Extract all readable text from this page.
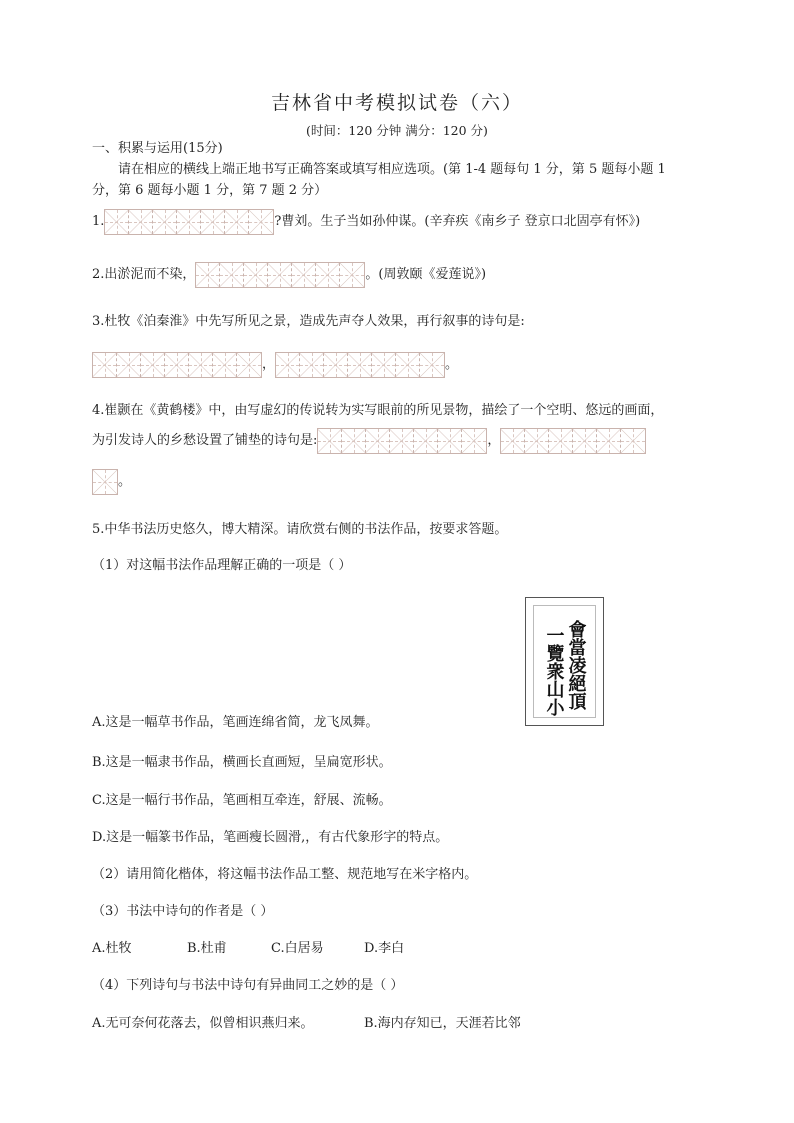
吉林省中考模拟试卷（六）
(时间：120 分钟 满分：120 分)
一、积累与运用(15分)
请在相应的横线上端正地书写正确答案或填写相应选项。(第 1-4 题每句 1 分，第 5 题每小题 1
分，第 6 题每小题 1 分，第 7 题 2 分）
1.	?曹刘。生子当如孙仲谋。(辛弃疾《南乡子 登京口北固亭有怀》)
2.出淤泥而不染，	。(周敦颐《爱莲说》)
3.杜牧《泊秦淮》中先写所见之景，造成先声夺人效果，再行叙事的诗句是:
，	。
4.崔颢在《黄鹤楼》中，由写虚幻的传说转为实写眼前的所见景物，描绘了一个空明、悠远的画面，
为引发诗人的乡愁设置了铺垫的诗句是:	，
。
5.中华书法历史悠久，博大精深。请欣赏右侧的书法作品，按要求答题。
（1）对这幅书法作品理解正确的一项是（ ）
會當凌絕頂
一覽衆山小
A.这是一幅草书作品，笔画连绵省简，龙飞凤舞。
B.这是一幅隶书作品，横画长直画短，呈扁宽形状。
C.这是一幅行书作品，笔画相互牵连，舒展、流畅。
D.这是一幅篆书作品，笔画瘦长圆滑,，有古代象形字的特点。
（2）请用简化楷体，将这幅书法作品工整、规范地写在米字格内。
（3）书法中诗句的作者是（ ）
A.杜牧	B.杜甫	C.白居易	D.李白
（4）下列诗句与书法中诗句有异曲同工之妙的是（ ）
A.无可奈何花落去，似曾相识燕归来。	B.海内存知已，天涯若比邻
